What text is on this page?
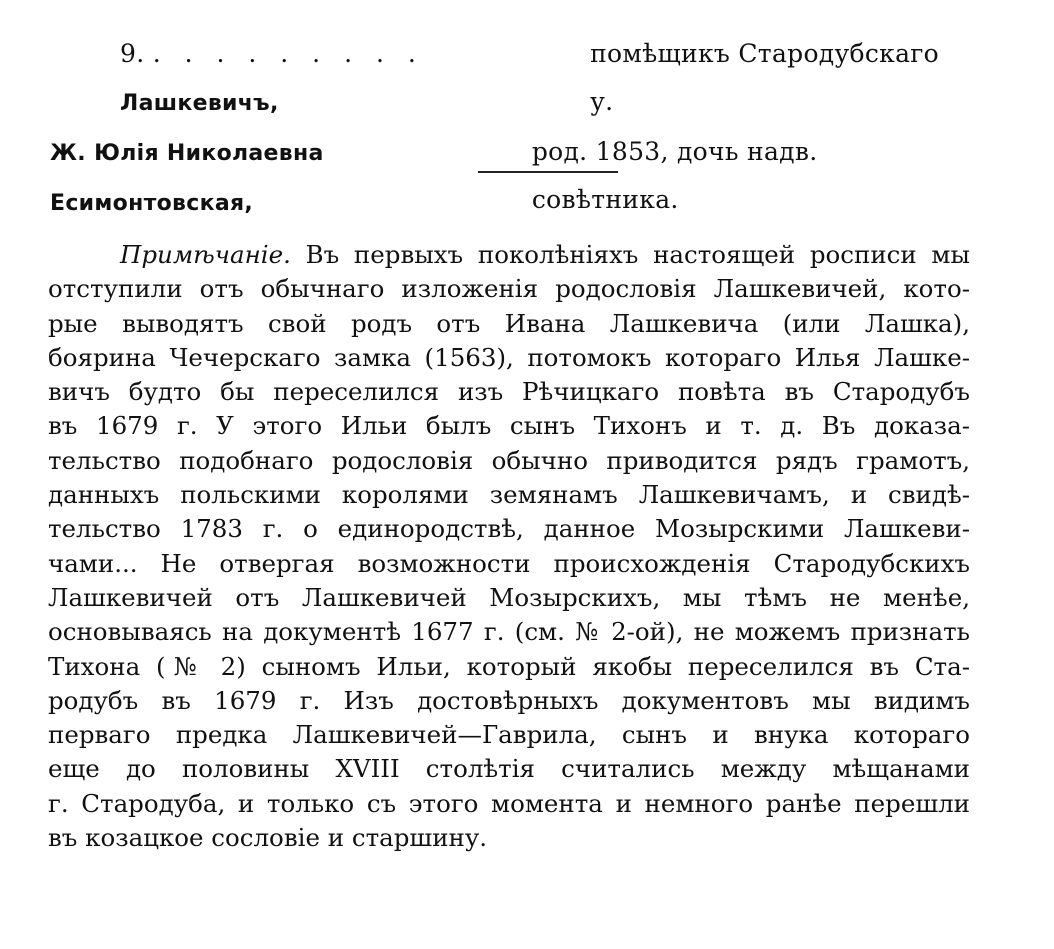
9. . . . . . . . . . Лашкевичъ,
помѣщикъ Стародубскаго у.
Ж. Юлія Николаевна Есимонтовская,
род. 1853, дочь надв. совѣтника.
Примѣчаніе. Въ первыхъ поколѣніяхъ настоящей росписи мы
отступили отъ обычнаго изложенія родословія Лашкевичей, кото-
рые выводятъ свой родъ отъ Ивана Лашкевича (или Лашка),
боярина Чечерскаго замка (1563), потомокъ котораго Илья Лашке-
вичъ будто бы переселился изъ Рѣчицкаго повѣта въ Стародубъ
въ 1679 г. У этого Ильи былъ сынъ Тихонъ и т. д. Въ доказа-
тельство подобнаго родословія обычно приводится рядъ грамотъ,
данныхъ польскими королями земянамъ Лашкевичамъ, и свидѣ-
тельство 1783 г. о единородствѣ, данное Мозырскими Лашкеви-
чами... Не отвергая возможности происхожденія Стародубскихъ
Лашкевичей отъ Лашкевичей Мозырскихъ, мы тѣмъ не менѣе,
основываясь на документѣ 1677 г. (см. № 2-ой), не можемъ признать
Тихона (№ 2) сыномъ Ильи, который якобы переселился въ Ста-
родубъ въ 1679 г. Изъ достовѣрныхъ документовъ мы видимъ
перваго предка Лашкевичей—Гаврила, сынъ и внука котораго
еще до половины XVIII столѣтія считались между мѣщанами
г. Стародуба, и только съ этого момента и немного ранѣе перешли
въ козацкое сословіе и старшину.
